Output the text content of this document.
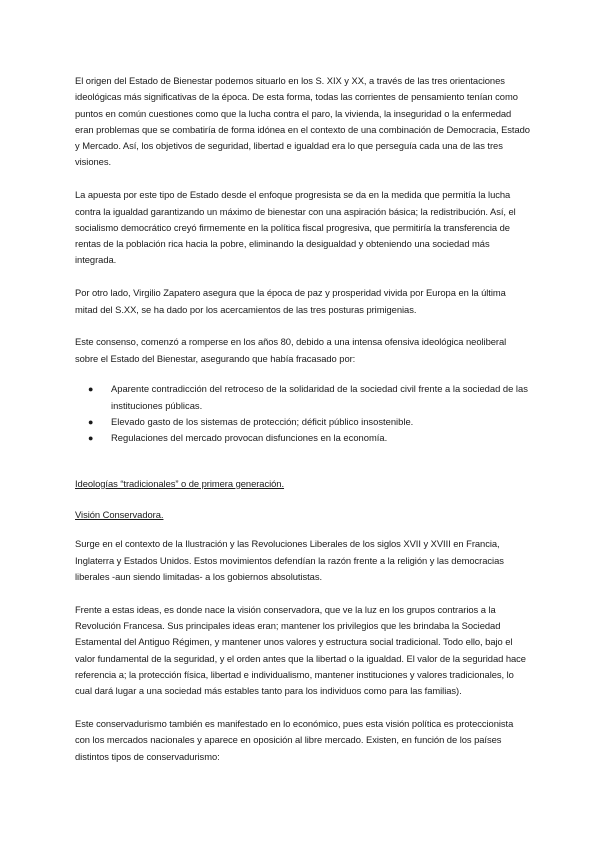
El origen del Estado de Bienestar podemos situarlo en los S. XIX y XX, a través de las tres orientaciones ideológicas más significativas de la época. De esta forma, todas las corrientes de pensamiento tenían como puntos en común cuestiones como que la lucha contra el paro, la vivienda, la inseguridad o la enfermedad eran problemas que se combatiría de forma idónea en el contexto de una combinación de Democracia, Estado y Mercado. Así, los objetivos de seguridad, libertad e igualdad era lo que perseguía cada una de las tres visiones.

La apuesta por este tipo de Estado desde el enfoque progresista se da en la medida que permitía la lucha contra la igualdad garantizando un máximo de bienestar con una aspiración básica; la redistribución. Así, el socialismo democrático creyó firmemente en la política fiscal progresiva, que permitiría la transferencia de rentas de la población rica hacia la pobre, eliminando la desigualdad y obteniendo una sociedad más integrada.

Por otro lado, Virgilio Zapatero asegura que la época de paz y prosperidad vivida por Europa en la última mitad del S.XX, se ha dado por los acercamientos de las tres posturas primigenias.

Este consenso, comenzó a romperse en los años 80, debido a una intensa ofensiva ideológica neoliberal sobre el Estado del Bienestar, asegurando que había fracasado por:

● Aparente contradicción del retroceso de la solidaridad de la sociedad civil frente a la sociedad de las instituciones públicas.
● Elevado gasto de los sistemas de protección; déficit público insostenible.
● Regulaciones del mercado provocan disfunciones en la economía.

Ideologías “tradicionales” o de primera generación.

Visión Conservadora.

Surge en el contexto de la Ilustración y las Revoluciones Liberales de los siglos XVII y XVIII en Francia, Inglaterra y Estados Unidos. Estos movimientos defendían la razón frente a la religión y las democracias liberales -aun siendo limitadas- a los gobiernos absolutistas.

Frente a estas ideas, es donde nace la visión conservadora, que ve la luz en los grupos contrarios a la Revolución Francesa. Sus principales ideas eran; mantener los privilegios que les brindaba la Sociedad Estamental del Antiguo Régimen, y mantener unos valores y estructura social tradicional. Todo ello, bajo el valor fundamental de la seguridad, y el orden antes que la libertad o la igualdad. El valor de la seguridad hace referencia a; la protección física, libertad e individualismo, mantener instituciones y valores tradicionales, lo cual dará lugar a una sociedad más estables tanto para los individuos como para las familias).

Este conservadurismo también es manifestado en lo económico, pues esta visión política es proteccionista con los mercados nacionales y aparece en oposición al libre mercado. Existen, en función de los países distintos tipos de conservadurismo:
